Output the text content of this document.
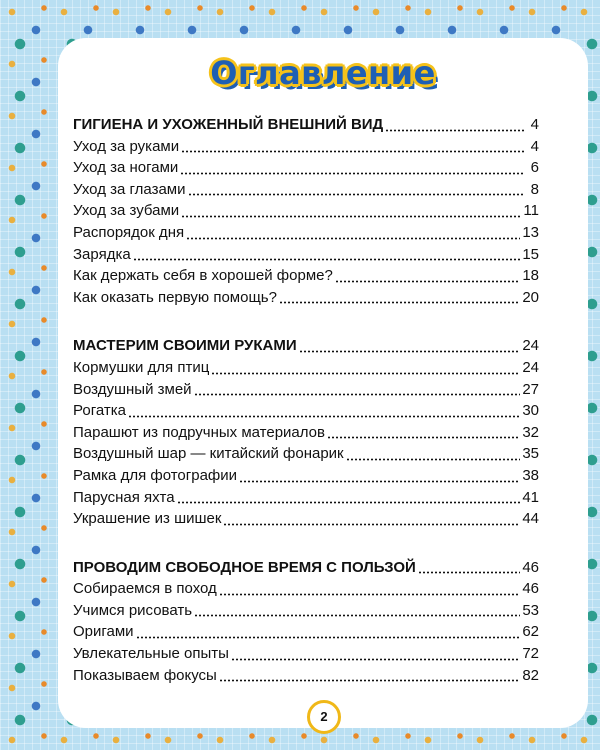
Оглавление
ГИГИЕНА И УХОЖЕННЫЙ ВНЕШНИЙ ВИД	4
Уход за руками	4
Уход за ногами	6
Уход за глазами	8
Уход за зубами	11
Распорядок дня	13
Зарядка	15
Как держать себя в хорошей форме?	18
Как оказать первую помощь?	20
МАСТЕРИМ СВОИМИ РУКАМИ	24
Кормушки для птиц	24
Воздушный змей	27
Рогатка	30
Парашют из подручных материалов	32
Воздушный шар — китайский фонарик	35
Рамка для фотографии	38
Парусная яхта	41
Украшение из шишек	44
ПРОВОДИМ СВОБОДНОЕ ВРЕМЯ С ПОЛЬЗОЙ	46
Собираемся в поход	46
Учимся рисовать	53
Оригами	62
Увлекательные опыты	72
Показываем фокусы	82
2
